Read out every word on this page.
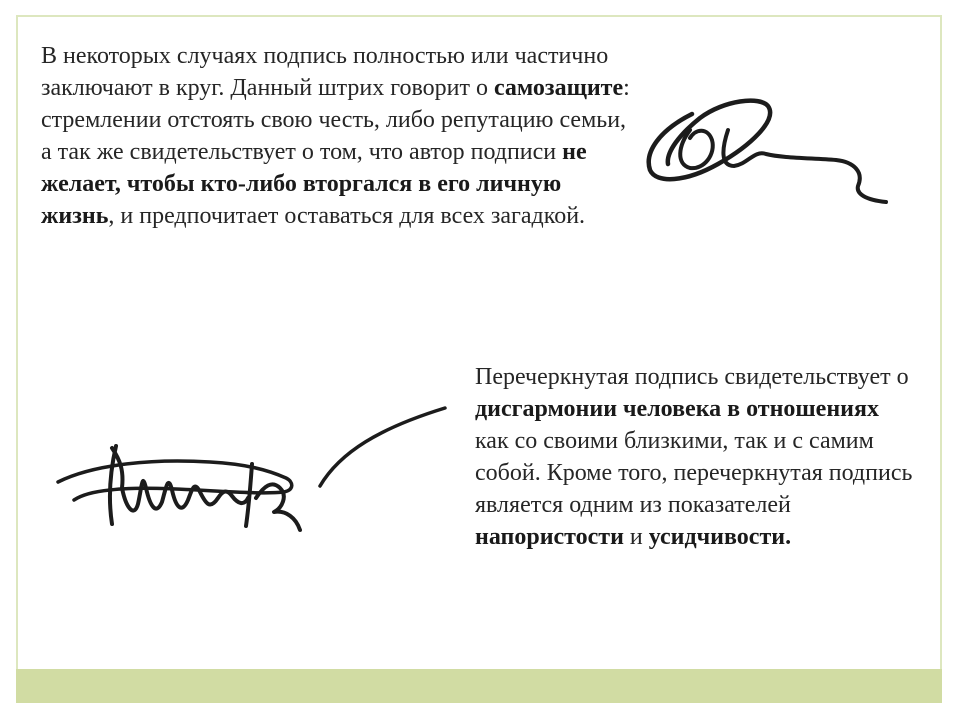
В некоторых случаях подпись полностью или частично заключают в круг. Данный штрих говорит о самозащите: стремлении отстоять свою честь, либо репутацию семьи, а так же свидетельствует о том, что автор подписи не желает, чтобы кто-либо вторгался в его личную жизнь, и предпочитает оставаться для всех загадкой.

Перечеркнутая подпись свидетельствует о дисгармонии человека в отношениях как со своими близкими, так и с самим собой. Кроме того, перечеркнутая подпись является одним из показателей напористости и усидчивости.
